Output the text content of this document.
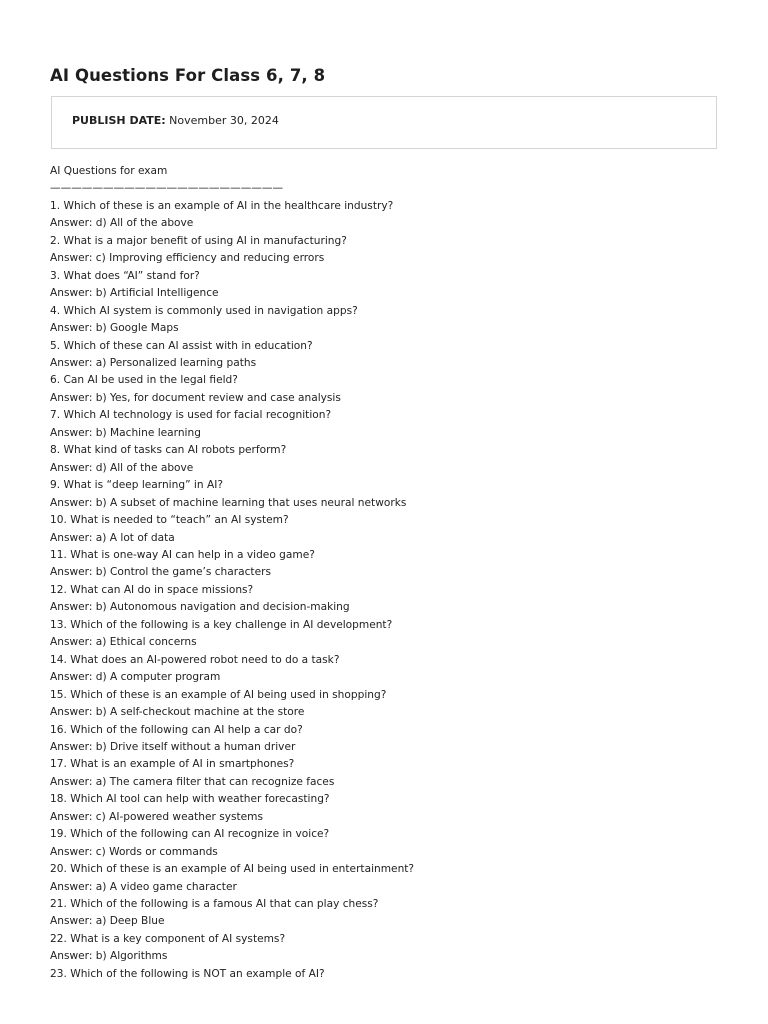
AI Questions For Class 6, 7, 8
PUBLISH DATE: November 30, 2024
AI Questions for exam
——————————————————————
1. Which of these is an example of AI in the healthcare industry?
Answer: d) All of the above
2. What is a major benefit of using AI in manufacturing?
Answer: c) Improving efficiency and reducing errors
3. What does “AI” stand for?
Answer: b) Artificial Intelligence
4. Which AI system is commonly used in navigation apps?
Answer: b) Google Maps
5. Which of these can AI assist with in education?
Answer: a) Personalized learning paths
6. Can AI be used in the legal field?
Answer: b) Yes, for document review and case analysis
7. Which AI technology is used for facial recognition?
Answer: b) Machine learning
8. What kind of tasks can AI robots perform?
Answer: d) All of the above
9. What is “deep learning” in AI?
Answer: b) A subset of machine learning that uses neural networks
10. What is needed to “teach” an AI system?
Answer: a) A lot of data
11. What is one-way AI can help in a video game?
Answer: b) Control the game’s characters
12. What can AI do in space missions?
Answer: b) Autonomous navigation and decision-making
13. Which of the following is a key challenge in AI development?
Answer: a) Ethical concerns
14. What does an AI-powered robot need to do a task?
Answer: d) A computer program
15. Which of these is an example of AI being used in shopping?
Answer: b) A self-checkout machine at the store
16. Which of the following can AI help a car do?
Answer: b) Drive itself without a human driver
17. What is an example of AI in smartphones?
Answer: a) The camera filter that can recognize faces
18. Which AI tool can help with weather forecasting?
Answer: c) AI-powered weather systems
19. Which of the following can AI recognize in voice?
Answer: c) Words or commands
20. Which of these is an example of AI being used in entertainment?
Answer: a) A video game character
21. Which of the following is a famous AI that can play chess?
Answer: a) Deep Blue
22. What is a key component of AI systems?
Answer: b) Algorithms
23. Which of the following is NOT an example of AI?
